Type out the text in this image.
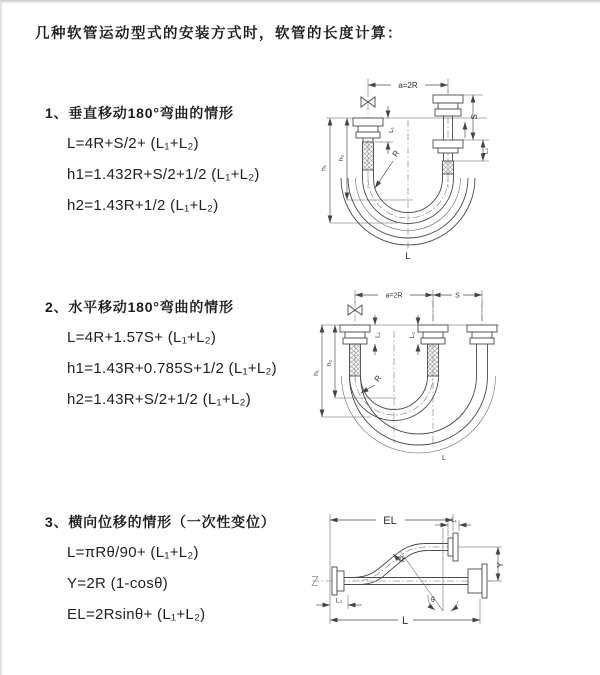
几种软管运动型式的安装方式时，软管的长度计算：
1、垂直移动180°弯曲的情形
L=4R+S/2+ (L₁+L₂)
h1=1.432R+S/2+1/2 (L₁+L₂)
h2=1.43R+1/2 (L₁+L₂)
a=2R
L₁
S
L₂
h₂
h₁
R
L
2、水平移动180°弯曲的情形
L=4R+1.57S+ (L₁+L₂)
h1=1.43R+0.785S+1/2 (L₁+L₂)
h2=1.43R+S/2+1/2 (L₁+L₂)
a=2R	S
L₁	L₂
h₂
h₁
R
L
3、横向位移的情形（一次性变位）
L=πRθ/90+ (L₁+L₂)
Y=2R (1-cosθ)
EL=2Rsinθ+ (L₁+L₂)
EL	L₁
L₂
Y
R
θ
L
